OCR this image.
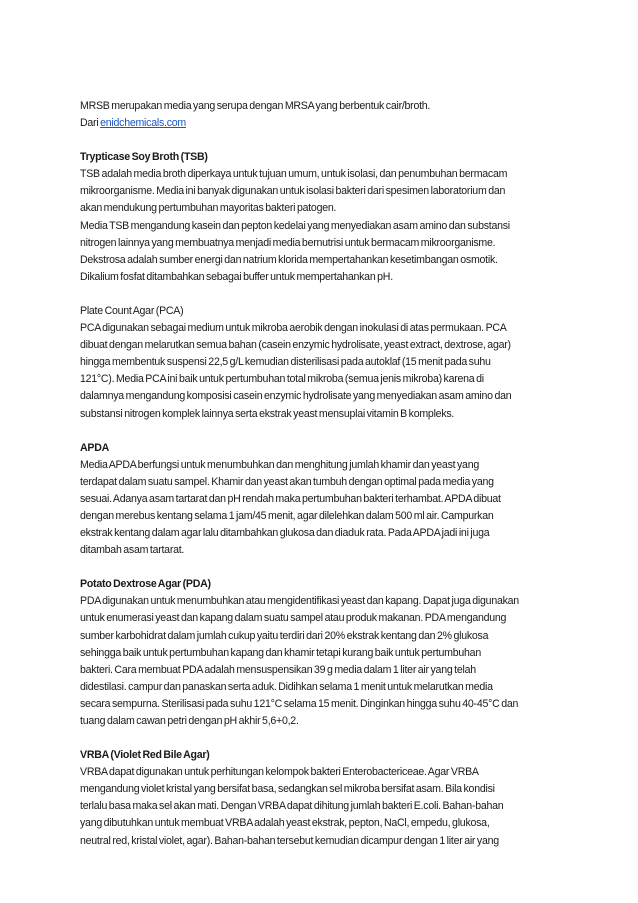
MRSB merupakan media yang serupa dengan MRSA yang berbentuk cair/broth.
Dari enidchemicals.com
Trypticase Soy Broth (TSB)
TSB adalah media broth diperkaya untuk tujuan umum, untuk isolasi, dan penumbuhan bermacam
mikroorganisme. Media ini banyak digunakan untuk isolasi bakteri dari spesimen laboratorium dan
akan mendukung pertumbuhan mayoritas bakteri patogen.
Media TSB mengandung kasein dan pepton kedelai yang menyediakan asam amino dan substansi
nitrogen lainnya yang membuatnya menjadi media bernutrisi untuk bermacam mikroorganisme.
Dekstrosa adalah sumber energi dan natrium klorida mempertahankan kesetimbangan osmotik.
Dikalium fosfat ditambahkan sebagai buffer untuk mempertahankan pH.
Plate Count Agar (PCA)
PCA digunakan sebagai medium untuk mikroba aerobik dengan inokulasi di atas permukaan. PCA
dibuat dengan melarutkan semua bahan (casein enzymic hydrolisate, yeast extract, dextrose, agar)
hingga membentuk suspensi 22,5 g/L kemudian disterilisasi pada autoklaf (15 menit pada suhu
121°C). Media PCA ini baik untuk pertumbuhan total mikroba (semua jenis mikroba) karena di
dalamnya mengandung komposisi casein enzymic hydrolisate yang menyediakan asam amino dan
substansi nitrogen komplek lainnya serta ekstrak yeast mensuplai vitamin B kompleks.
APDA
Media APDA berfungsi untuk menumbuhkan dan menghitung jumlah khamir dan yeast yang
terdapat dalam suatu sampel. Khamir dan yeast akan tumbuh dengan optimal pada media yang
sesuai. Adanya asam tartarat dan pH rendah maka pertumbuhan bakteri terhambat. APDA dibuat
dengan merebus kentang selama 1 jam/45 menit, agar dilelehkan dalam 500 ml air. Campurkan
ekstrak kentang dalam agar lalu ditambahkan glukosa dan diaduk rata. Pada APDA jadi ini juga
ditambah asam tartarat.
Potato Dextrose Agar (PDA)
PDA digunakan untuk menumbuhkan atau mengidentifikasi yeast dan kapang. Dapat juga digunakan
untuk enumerasi yeast dan kapang dalam suatu sampel atau produk makanan. PDA mengandung
sumber karbohidrat dalam jumlah cukup yaitu terdiri dari 20% ekstrak kentang dan 2% glukosa
sehingga baik untuk pertumbuhan kapang dan khamir tetapi kurang baik untuk pertumbuhan
bakteri. Cara membuat PDA adalah mensuspensikan 39 g media dalam 1 liter air yang telah
didestilasi. campur dan panaskan serta aduk. Didihkan selama 1 menit untuk melarutkan media
secara sempurna. Sterilisasi pada suhu 121°C selama 15 menit. Dinginkan hingga suhu 40-45°C dan
tuang dalam cawan petri dengan pH akhir 5,6+0,2.
VRBA (Violet Red Bile Agar)
VRBA dapat digunakan untuk perhitungan kelompok bakteri Enterobactericeae. Agar VRBA
mengandung violet kristal yang bersifat basa, sedangkan sel mikroba bersifat asam. Bila kondisi
terlalu basa maka sel akan mati. Dengan VRBA dapat dihitung jumlah bakteri E.coli. Bahan-bahan
yang dibutuhkan untuk membuat VRBA adalah yeast ekstrak, pepton, NaCl, empedu, glukosa,
neutral red, kristal violet, agar). Bahan-bahan tersebut kemudian dicampur dengan 1 liter air yang
